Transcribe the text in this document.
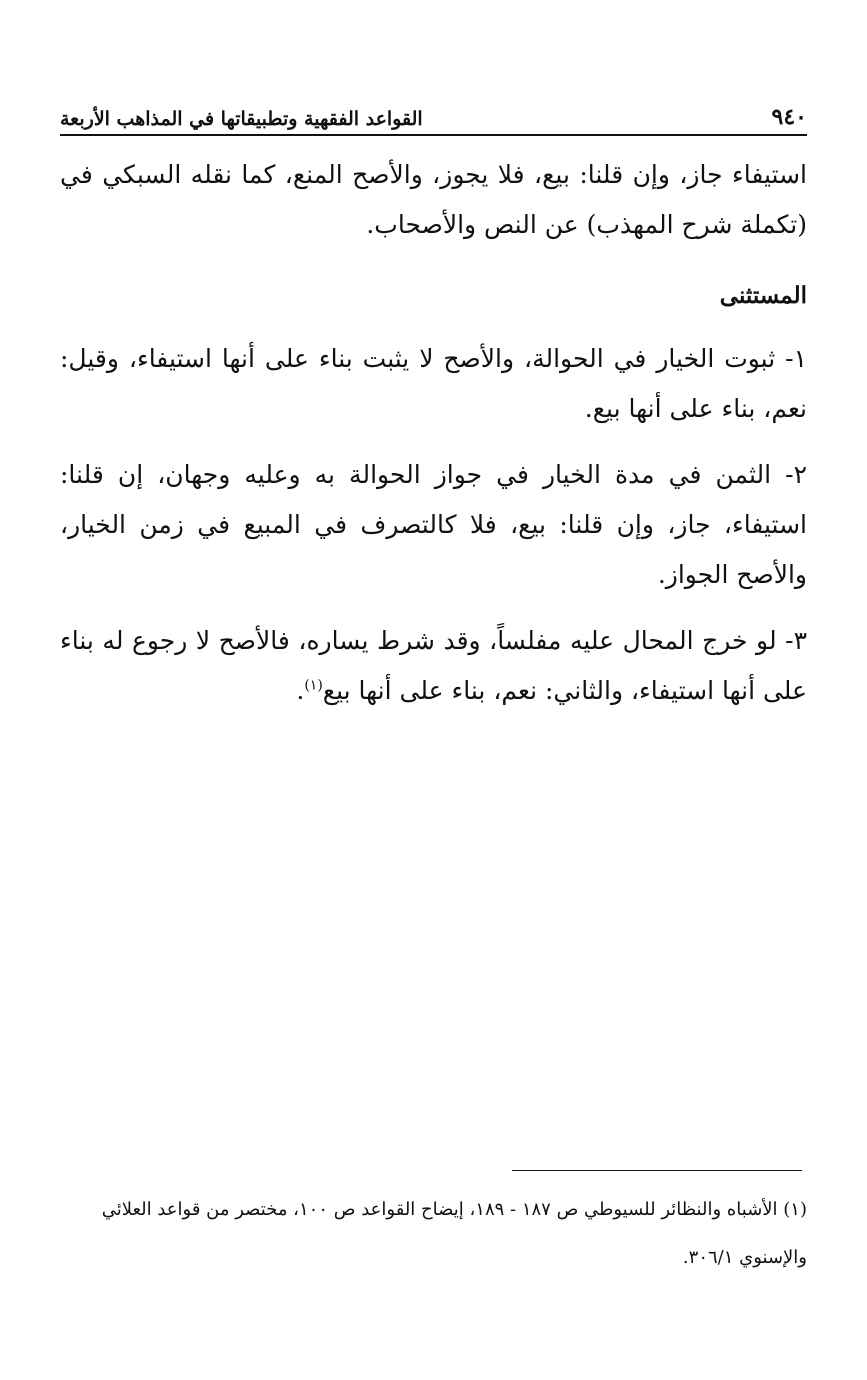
٩٤٠
القواعد الفقهية وتطبيقاتها في المذاهب الأربعة

استيفاء جاز، وإن قلنا: بيع، فلا يجوز، والأصح المنع، كما نقله السبكي في (تكملة شرح المهذب) عن النص والأصحاب.

المستثنى

١- ثبوت الخيار في الحوالة، والأصح لا يثبت بناء على أنها استيفاء، وقيل: نعم، بناء على أنها بيع.

٢- الثمن في مدة الخيار في جواز الحوالة به وعليه وجهان، إن قلنا: استيفاء، جاز، وإن قلنا: بيع، فلا كالتصرف في المبيع في زمن الخيار، والأصح الجواز.

٣- لو خرج المحال عليه مفلساً، وقد شرط يساره، فالأصح لا رجوع له بناء على أنها استيفاء، والثاني: نعم، بناء على أنها بيع$^{(١)}$.

(١) الأشباه والنظائر للسيوطي ص ١٨٧ - ١٨٩، إيضاح القواعد ص ١٠٠، مختصر من قواعد العلائي والإسنوي ٣٠٦/١.
